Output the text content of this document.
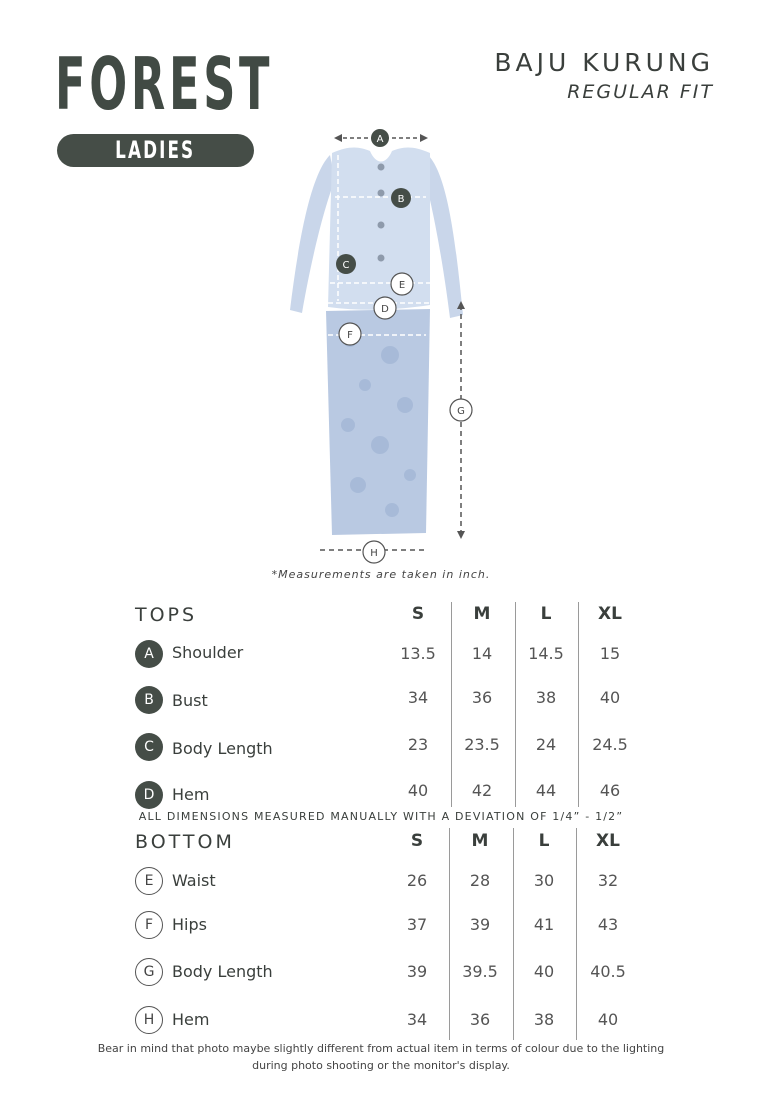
FOREST
LADIES
BAJU KURUNG
REGULAR FIT
A
B
C
D
E
F
G
H
*Measurements are taken in inch.
TOPS	S	M	L	XL
A	Shoulder	13.5	14	14.5	15
B	Bust	34	36	38	40
C	Body Length	23	23.5	24	24.5
D	Hem	40	42	44	46
ALL DIMENSIONS MEASURED MANUALLY WITH A DEVIATION OF 1/4” - 1/2”
BOTTOM	S	M	L	XL
E	Waist	26	28	30	32
F	Hips	37	39	41	43
G	Body Length	39	39.5	40	40.5
H	Hem	34	36	38	40
Bear in mind that photo maybe slightly different from actual item in terms of colour due to the lighting
during photo shooting or the monitor's display.
